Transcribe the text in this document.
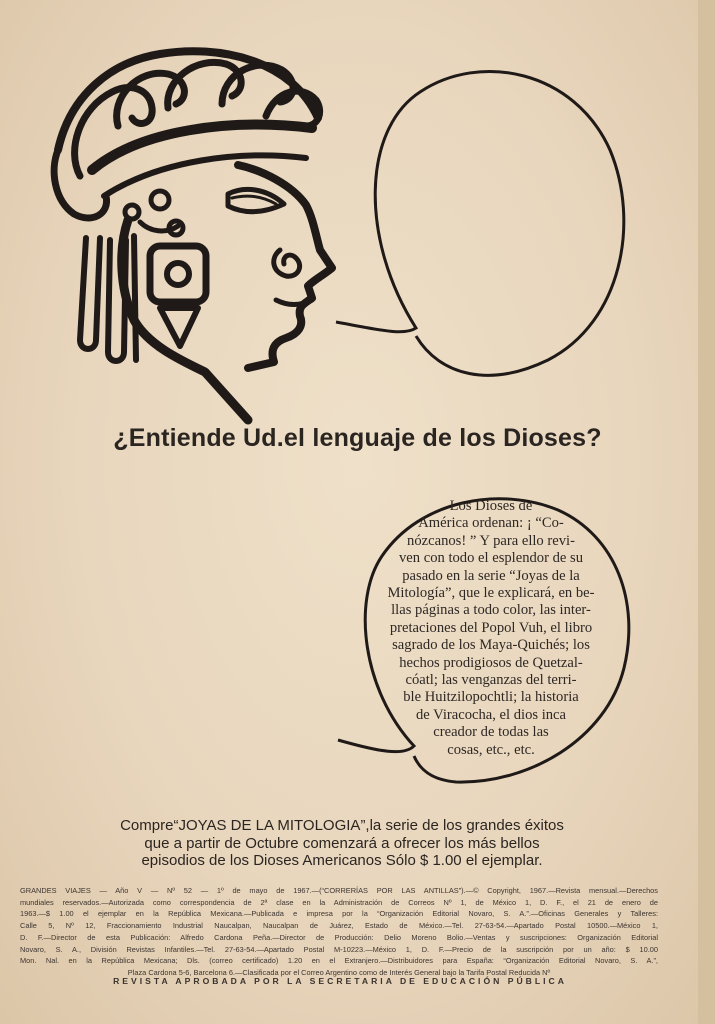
¿Entiende Ud.el lenguaje de los Dioses?
Los Dioses de
América ordenan: ¡ “Co-
nózcanos! ” Y para ello revi-
ven con todo el esplendor de su
pasado en la serie “Joyas de la
Mitología”, que le explicará, en be-
llas páginas a todo color, las inter-
pretaciones del Popol Vuh, el libro
sagrado de los Maya-Quichés; los
hechos prodigiosos de Quetzal-
cóatl; las venganzas del terri-
ble Huitzilopochtli; la historia
de Viracocha, el dios inca
creador de todas las
cosas, etc., etc.
Compre“JOYAS DE LA MITOLOGIA”,la serie de los grandes éxitos
que a partir de Octubre comenzará a ofrecer los más bellos
episodios de los Dioses Americanos Sólo $ 1.00 el ejemplar.
GRANDES VIAJES — Año V — Nº 52 — 1º de mayo de 1967.—(“CORRERÍAS POR LAS ANTILLAS”).—© Copyright, 1967.—Revista mensual.—Derechos
mundiales reservados.—Autorizada como correspondencia de 2ª clase en la Administración de Correos Nº 1, de México 1, D. F., el 21 de enero de
1963.—$ 1.00 el ejemplar en la República Mexicana.—Publicada e impresa por la “Organización Editorial Novaro, S. A.”.—Oficinas Generales y Talleres:
Calle 5, Nº 12, Fraccionamiento Industrial Naucalpan, Naucalpan de Juárez, Estado de México.—Tel. 27-63-54.—Apartado Postal 10500.—México 1,
D. F.—Director de esta Publicación: Alfredo Cardona Peña.—Director de Producción: Delio Moreno Bolio.—Ventas y suscripciones: Organización Editorial
Novaro, S. A., División Revistas Infantiles.—Tel. 27-63-54.—Apartado Postal M-10223.—México 1, D. F.—Precio de la suscripción por un año: $ 10.00
Mon. Nal. en la República Mexicana; Dls. (correo certificado) 1.20 en el Extranjero.—Distribuidores para España: “Organización Editorial Novaro, S. A.”,
Plaza Cardona 5-6, Barcelona 6.—Clasificada por el Correo Argentino como de Interés General bajo la Tarifa Postal Reducida Nº
REVISTA APROBADA POR LA SECRETARIA DE EDUCACIÓN PÚBLICA
